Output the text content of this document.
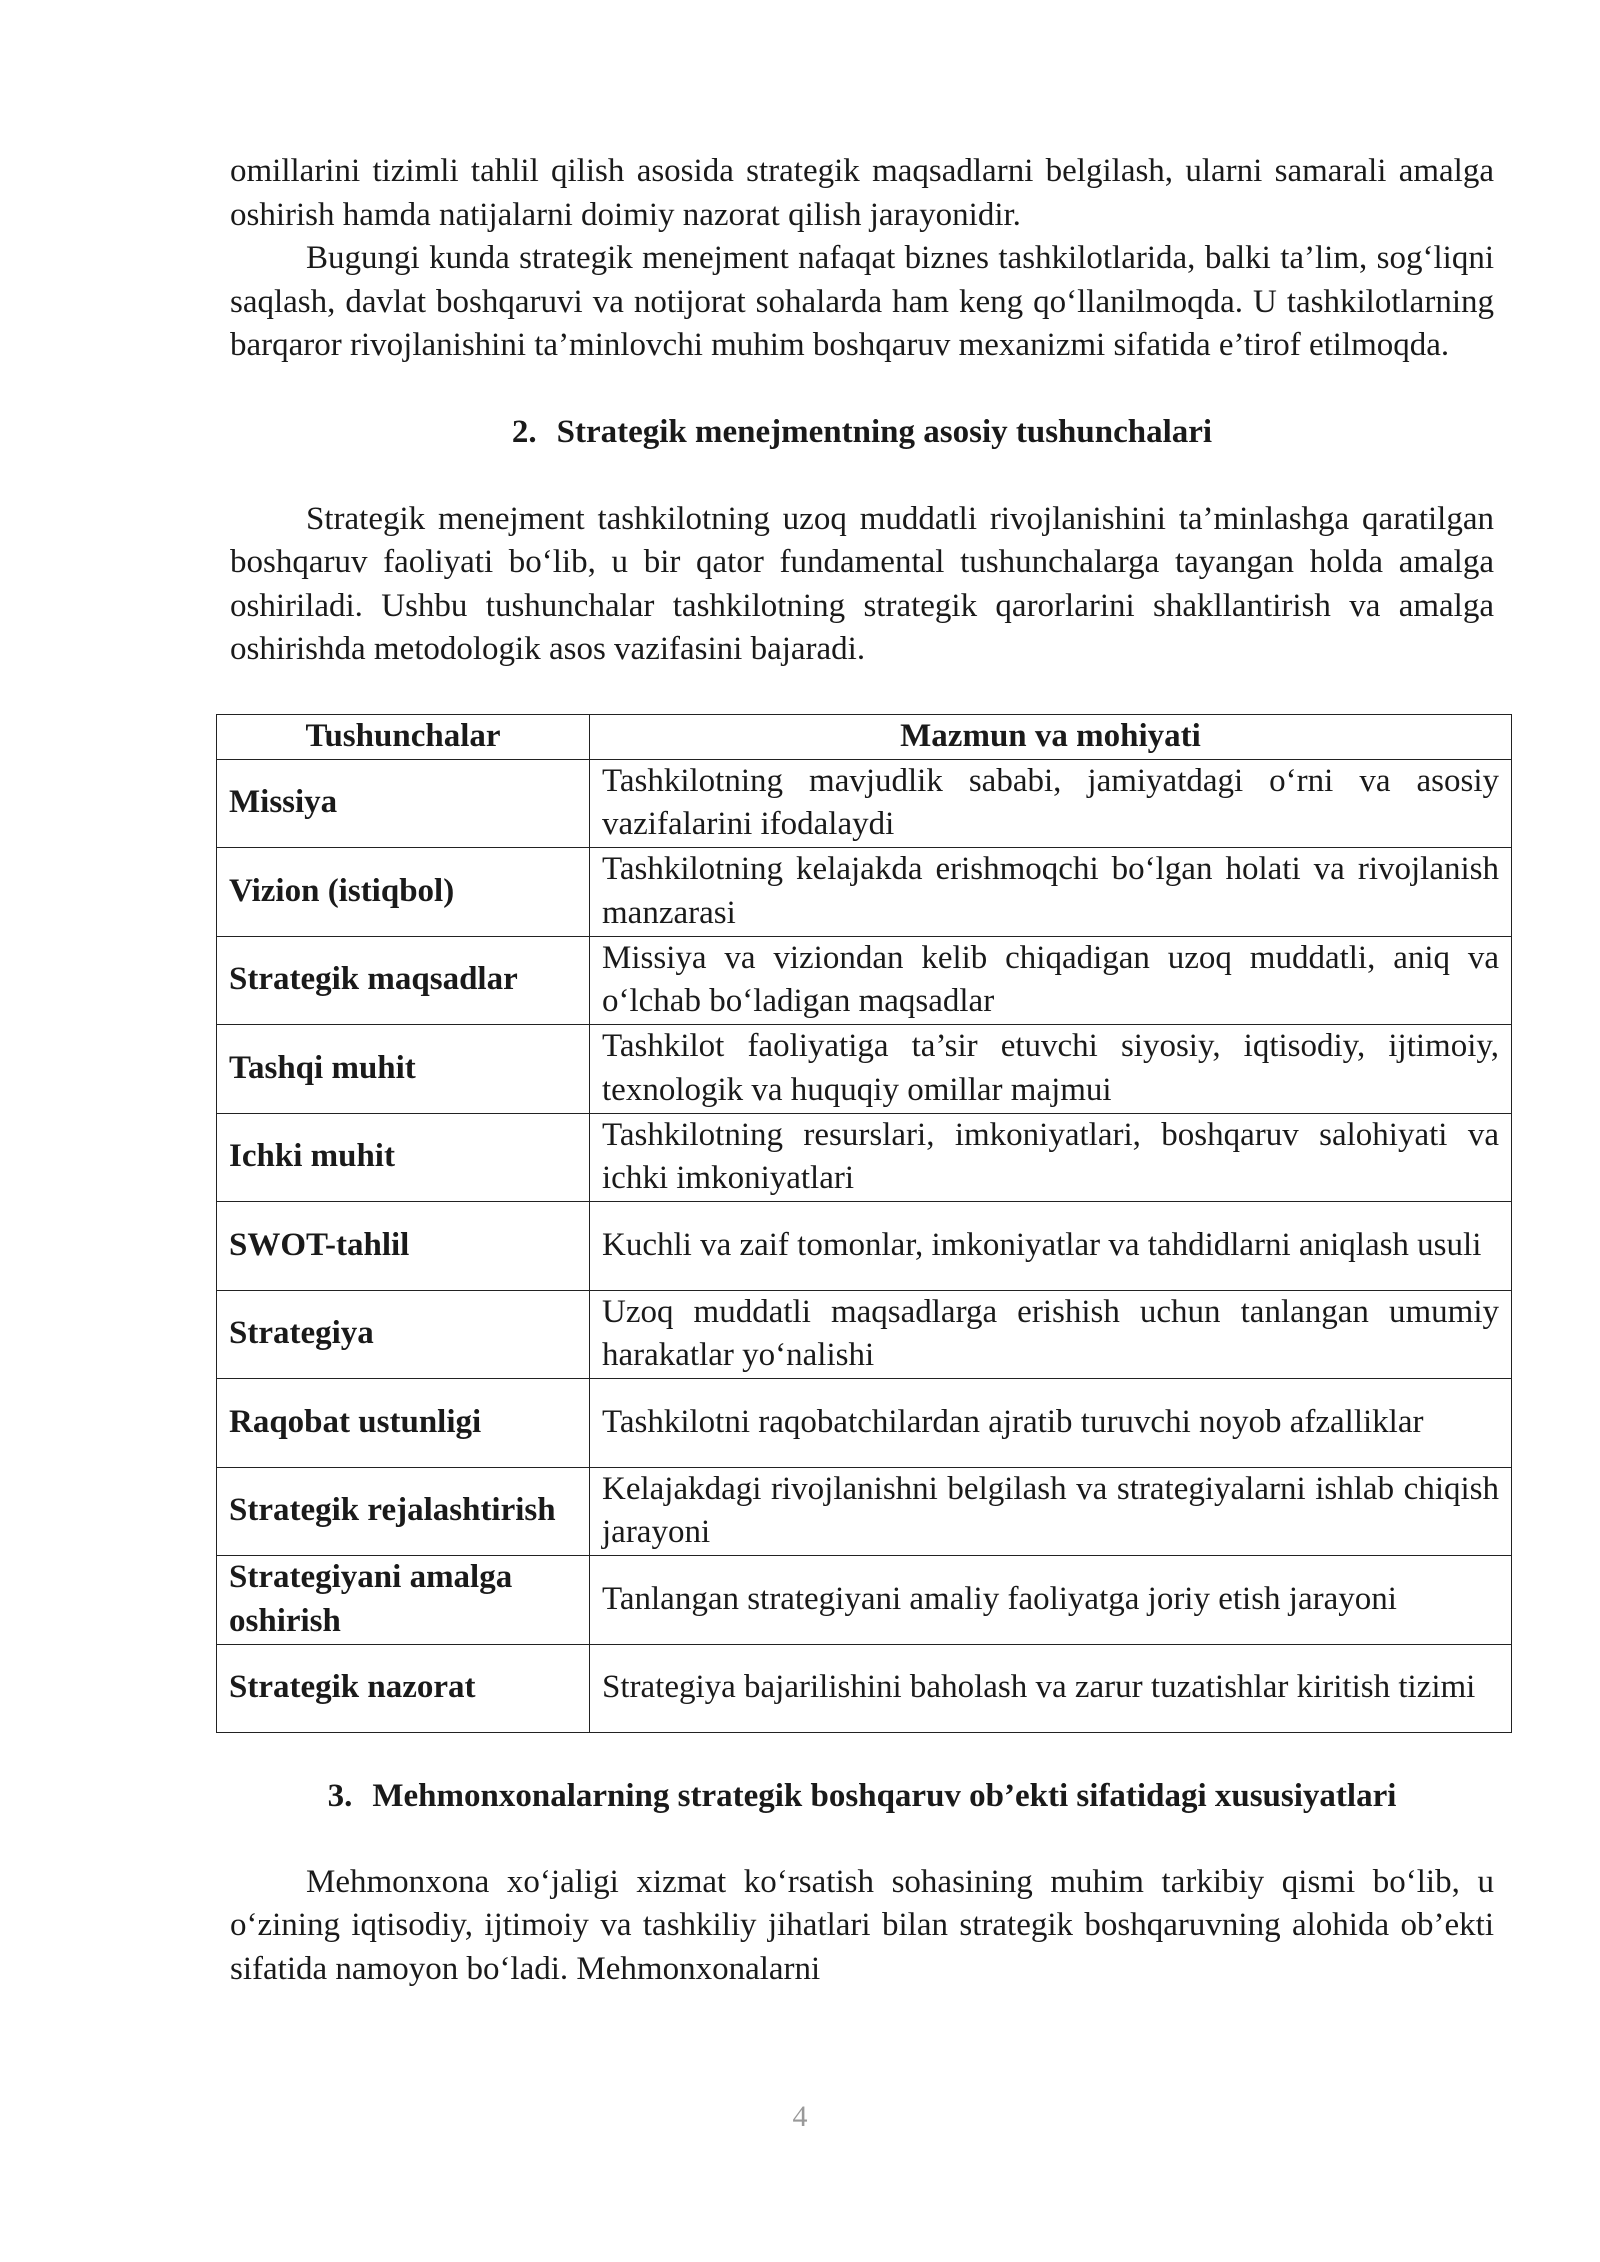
omillarini tizimli tahlil qilish asosida strategik maqsadlarni belgilash, ularni samarali amalga oshirish hamda natijalarni doimiy nazorat qilish jarayonidir.

Bugungi kunda strategik menejment nafaqat biznes tashkilotlarida, balki ta’lim, sog‘liqni saqlash, davlat boshqaruvi va notijorat sohalarda ham keng qo‘llanilmoqda. U tashkilotlarning barqaror rivojlanishini ta’minlovchi muhim boshqaruv mexanizmi sifatida e’tirof etilmoqda.

2. Strategik menejmentning asosiy tushunchalari

Strategik menejment tashkilotning uzoq muddatli rivojlanishini ta’minlashga qaratilgan boshqaruv faoliyati bo‘lib, u bir qator fundamental tushunchalarga tayangan holda amalga oshiriladi. Ushbu tushunchalar tashkilotning strategik qarorlarini shakllantirish va amalga oshirishda metodologik asos vazifasini bajaradi.

Tushunchalar	Mazmun va mohiyati
Missiya	Tashkilotning mavjudlik sababi, jamiyatdagi o‘rni va asosiy vazifalarini ifodalaydi
Vizion (istiqbol)	Tashkilotning kelajakda erishmoqchi bo‘lgan holati va rivojlanish manzarasi
Strategik maqsadlar	Missiya va viziondan kelib chiqadigan uzoq muddatli, aniq va o‘lchab bo‘ladigan maqsadlar
Tashqi muhit	Tashkilot faoliyatiga ta’sir etuvchi siyosiy, iqtisodiy, ijtimoiy, texnologik va huquqiy omillar majmui
Ichki muhit	Tashkilotning resurslari, imkoniyatlari, boshqaruv salohiyati va ichki imkoniyatlari
SWOT-tahlil	Kuchli va zaif tomonlar, imkoniyatlar va tahdidlarni aniqlash usuli
Strategiya	Uzoq muddatli maqsadlarga erishish uchun tanlangan umumiy harakatlar yo‘nalishi
Raqobat ustunligi	Tashkilotni raqobatchilardan ajratib turuvchi noyob afzalliklar
Strategik rejalashtirish	Kelajakdagi rivojlanishni belgilash va strategiyalarni ishlab chiqish jarayoni
Strategiyani amalga oshirish	Tanlangan strategiyani amaliy faoliyatga joriy etish jarayoni
Strategik nazorat	Strategiya bajarilishini baholash va zarur tuzatishlar kiritish tizimi
3. Mehmonxonalarning strategik boshqaruv ob’ekti sifatidagi xususiyatlari

Mehmonxona xo‘jaligi xizmat ko‘rsatish sohasining muhim tarkibiy qismi bo‘lib, u o‘zining iqtisodiy, ijtimoiy va tashkiliy jihatlari bilan strategik boshqaruvning alohida ob’ekti sifatida namoyon bo‘ladi. Mehmonxonalarni

4
